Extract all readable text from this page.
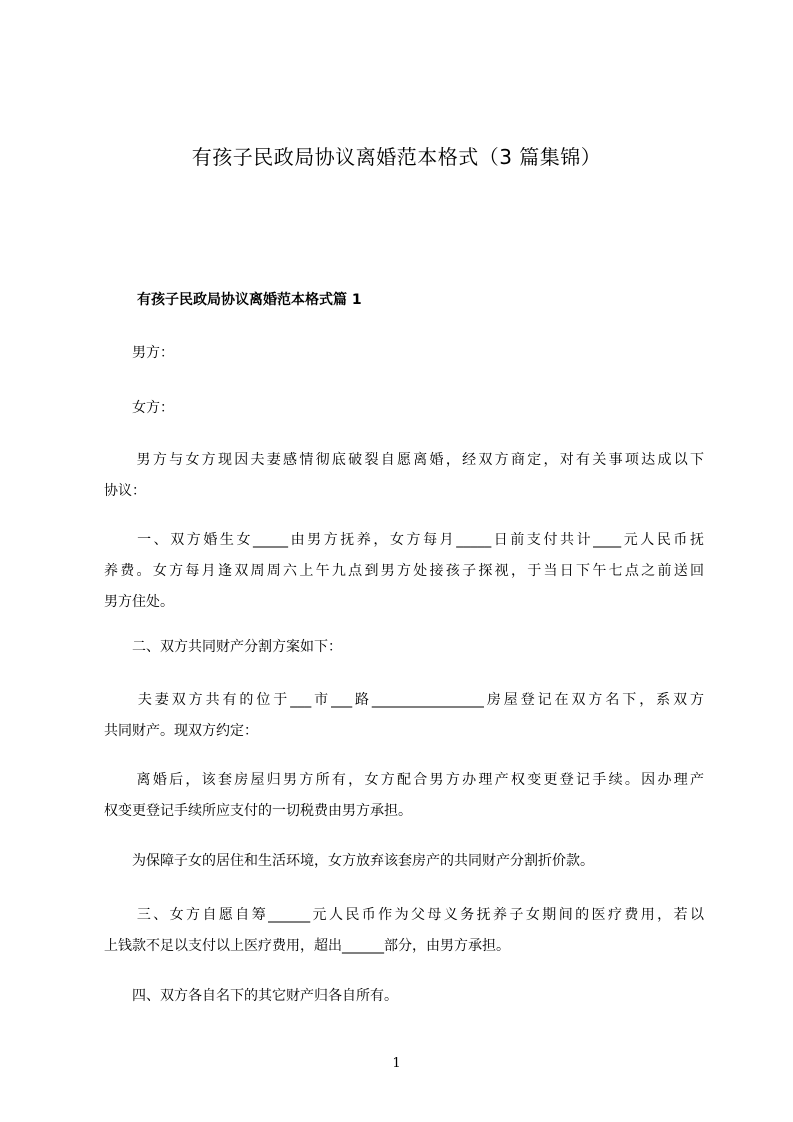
有孩子民政局协议离婚范本格式（3 篇集锦）
有孩子民政局协议离婚范本格式篇 1

　　男方：

　　女方：

　　男方与女方现因夫妻感情彻底破裂自愿离婚，经双方商定，对有关事项达成以下
协议：

　　一、双方婚生女_____由男方抚养，女方每月_____日前支付共计____元人民币抚
养费。女方每月逢双周周六上午九点到男方处接孩子探视，于当日下午七点之前送回
男方住处。

　　二、双方共同财产分割方案如下：

　　夫妻双方共有的位于___市___路________________房屋登记在双方名下，系双方
共同财产。现双方约定：

　　离婚后，该套房屋归男方所有，女方配合男方办理产权变更登记手续。因办理产
权变更登记手续所应支付的一切税费由男方承担。

　　为保障子女的居住和生活环境，女方放弃该套房产的共同财产分割折价款。

　　三、女方自愿自筹______元人民币作为父母义务抚养子女期间的医疗费用，若以
上钱款不足以支付以上医疗费用，超出______部分，由男方承担。

　　四、双方各自名下的其它财产归各自所有。

1
